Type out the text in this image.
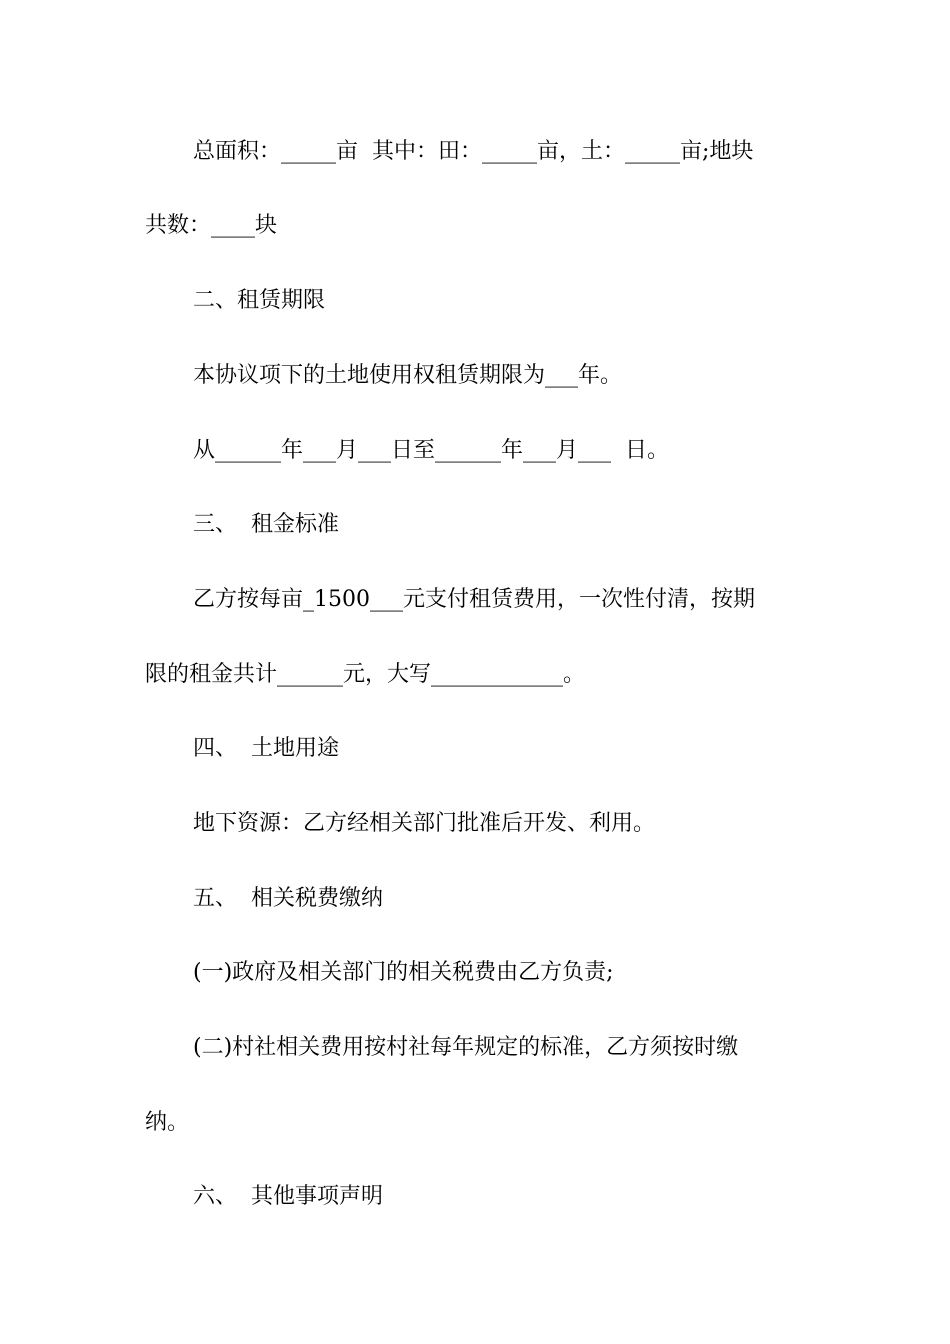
总面积：_____亩  其中：田：_____亩，土：_____亩;地块
共数：____块
二、租赁期限
本协议项下的土地使用权租赁期限为___年。
从______年___月___日至______年___月___  日。
三、  租金标准
乙方按每亩_1500___元支付租赁费用，一次性付清，按期
限的租金共计______元，大写____________。
四、  土地用途
地下资源：乙方经相关部门批准后开发、利用。
五、  相关税费缴纳
(一)政府及相关部门的相关税费由乙方负责;
(二)村社相关费用按村社每年规定的标准，乙方须按时缴
纳。
六、  其他事项声明
